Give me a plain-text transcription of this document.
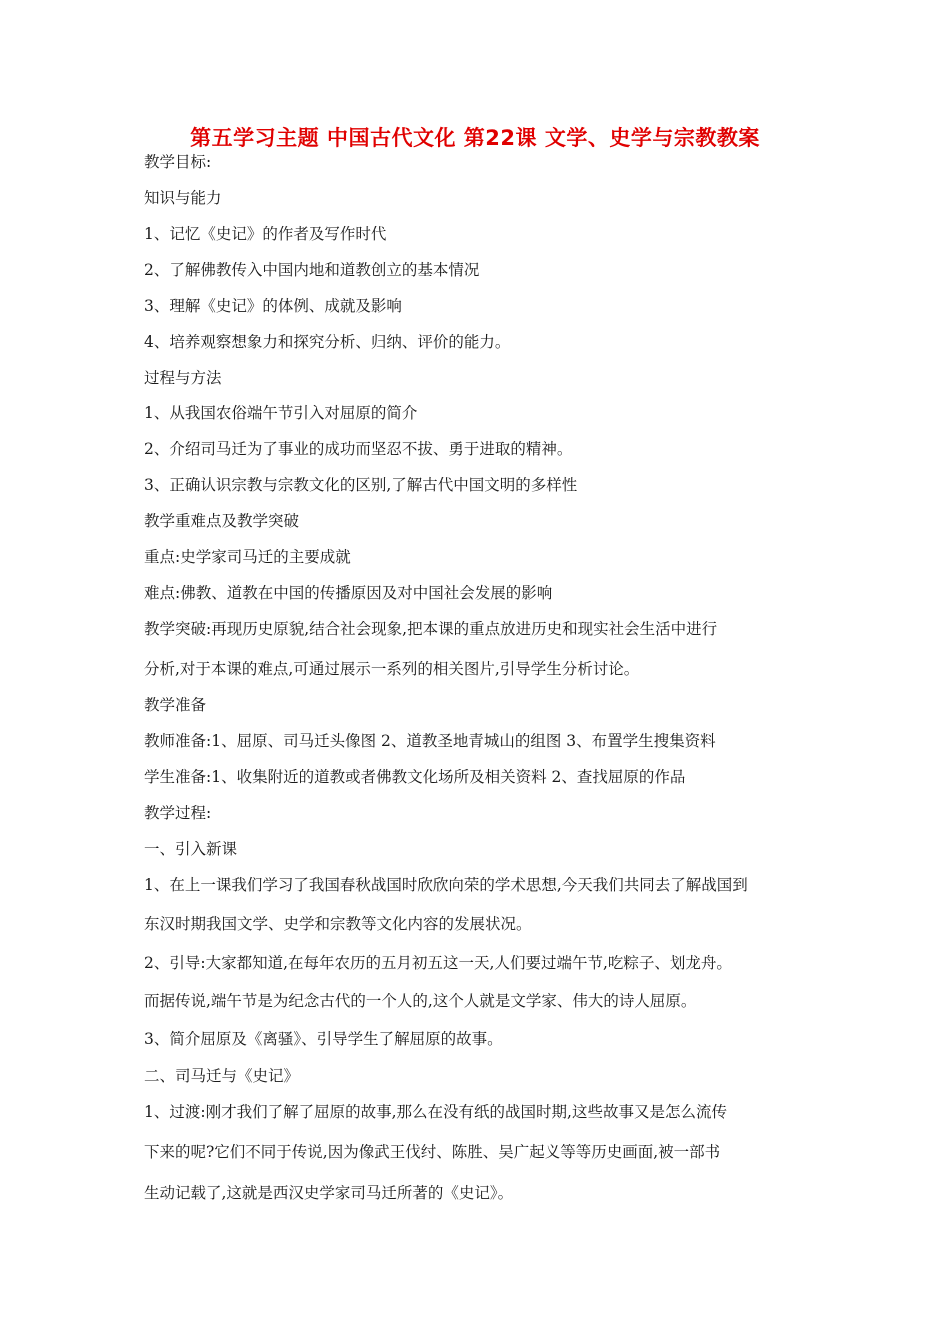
第五学习主题 中国古代文化 第22课 文学、史学与宗教教案
教学目标:
知识与能力
1、记忆《史记》的作者及写作时代
2、了解佛教传入中国内地和道教创立的基本情况
3、理解《史记》的体例、成就及影响
4、培养观察想象力和探究分析、归纳、评价的能力。
过程与方法
1、从我国农俗端午节引入对屈原的简介
2、介绍司马迁为了事业的成功而坚忍不拔、勇于进取的精神。
3、正确认识宗教与宗教文化的区别,了解古代中国文明的多样性
教学重难点及教学突破
重点:史学家司马迁的主要成就
难点:佛教、道教在中国的传播原因及对中国社会发展的影响
教学突破:再现历史原貌,结合社会现象,把本课的重点放进历史和现实社会生活中进行
分析,对于本课的难点,可通过展示一系列的相关图片,引导学生分析讨论。
教学准备
教师准备:1、屈原、司马迁头像图 2、道教圣地青城山的组图 3、布置学生搜集资料
学生准备:1、收集附近的道教或者佛教文化场所及相关资料 2、查找屈原的作品
教学过程:
一、引入新课
1、在上一课我们学习了我国春秋战国时欣欣向荣的学术思想,今天我们共同去了解战国到
东汉时期我国文学、史学和宗教等文化内容的发展状况。
2、引导:大家都知道,在每年农历的五月初五这一天,人们要过端午节,吃粽子、划龙舟。
而据传说,端午节是为纪念古代的一个人的,这个人就是文学家、伟大的诗人屈原。
3、简介屈原及《离骚》、引导学生了解屈原的故事。
二、司马迁与《史记》
1、过渡:刚才我们了解了屈原的故事,那么在没有纸的战国时期,这些故事又是怎么流传
下来的呢?它们不同于传说,因为像武王伐纣、陈胜、吴广起义等等历史画面,被一部书
生动记载了,这就是西汉史学家司马迁所著的《史记》。
